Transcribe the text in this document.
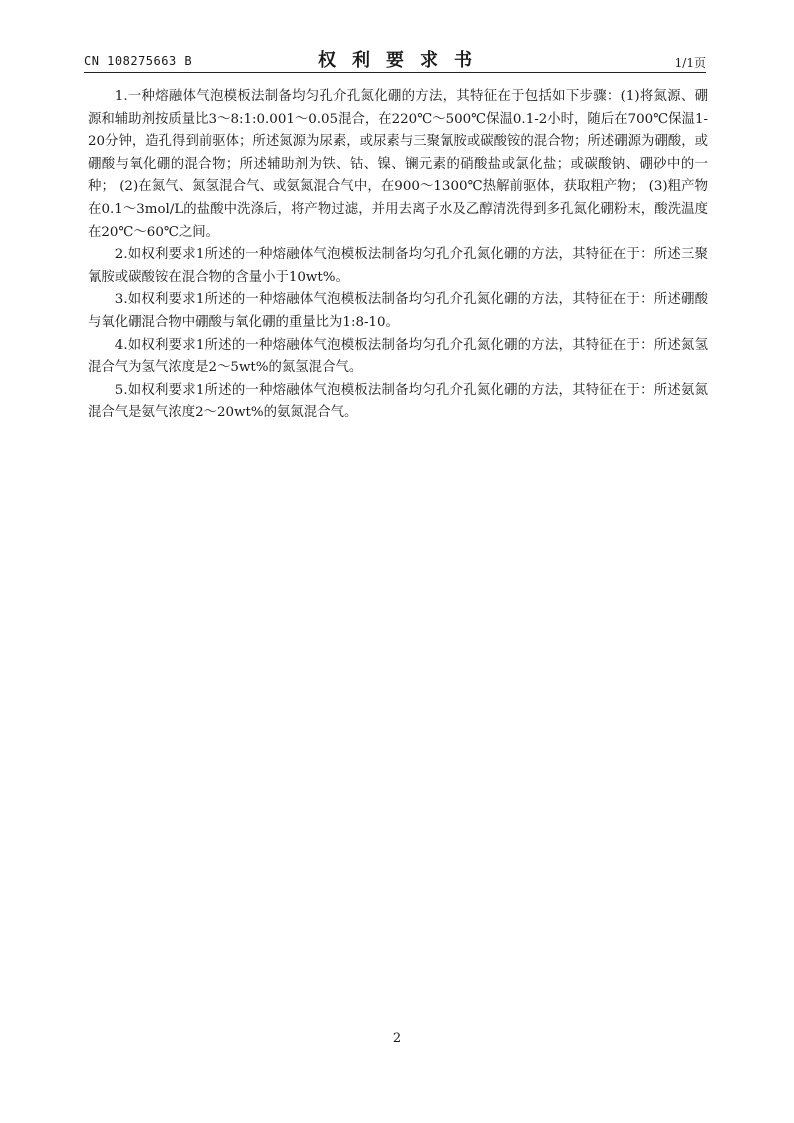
CN 108275663 B	权利要求书	1/1页

1.一种熔融体气泡模板法制备均匀孔介孔氮化硼的方法，其特征在于包括如下步骤：(1)将氮源、硼源和辅助剂按质量比3～8:1:0.001～0.05混合，在220℃～500℃保温0.1-2小时，随后在700℃保温1-20分钟，造孔得到前驱体；所述氮源为尿素，或尿素与三聚氰胺或碳酸铵的混合物；所述硼源为硼酸，或硼酸与氧化硼的混合物；所述辅助剂为铁、钴、镍、镧元素的硝酸盐或氯化盐；或碳酸钠、硼砂中的一种； (2)在氮气、氮氢混合气、或氨氮混合气中，在900～1300℃热解前驱体，获取粗产物； (3)粗产物在0.1～3mol/L的盐酸中洗涤后，将产物过滤，并用去离子水及乙醇清洗得到多孔氮化硼粉末，酸洗温度在20℃～60℃之间。

2.如权利要求1所述的一种熔融体气泡模板法制备均匀孔介孔氮化硼的方法，其特征在于：所述三聚氰胺或碳酸铵在混合物的含量小于10wt%。

3.如权利要求1所述的一种熔融体气泡模板法制备均匀孔介孔氮化硼的方法，其特征在于：所述硼酸与氧化硼混合物中硼酸与氧化硼的重量比为1:8-10。

4.如权利要求1所述的一种熔融体气泡模板法制备均匀孔介孔氮化硼的方法，其特征在于：所述氮氢混合气为氢气浓度是2～5wt%的氮氢混合气。

5.如权利要求1所述的一种熔融体气泡模板法制备均匀孔介孔氮化硼的方法，其特征在于：所述氨氮混合气是氨气浓度2～20wt%的氨氮混合气。

2
